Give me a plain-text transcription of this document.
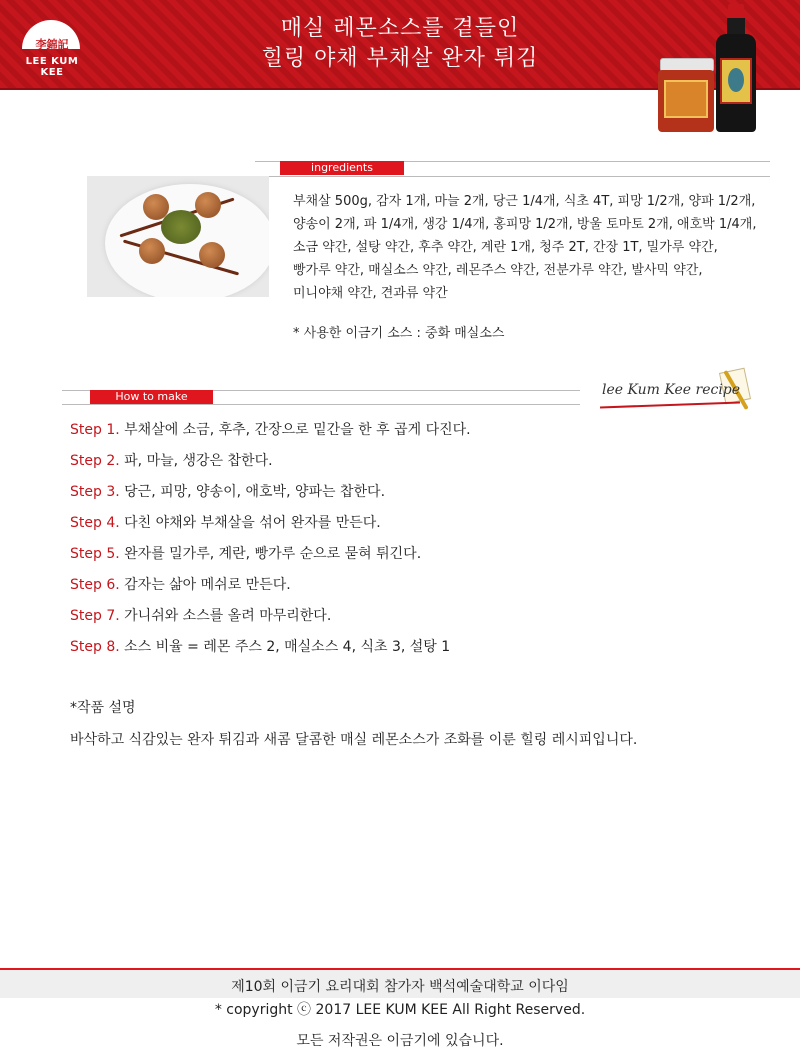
李錦記
LEE KUM KEE
매실 레몬소스를 곁들인
힐링 야채 부채살 완자 튀김
ingredients
부채살 500g, 감자 1개, 마늘 2개, 당근 1/4개, 식초 4T, 피망 1/2개, 양파 1/2개,
양송이 2개, 파 1/4개, 생강 1/4개, 홍피망 1/2개, 방울 토마토 2개, 애호박 1/4개,
소금 약간, 설탕 약간, 후추 약간, 계란 1개, 청주 2T, 간장 1T, 밀가루 약간,
빵가루 약간, 매실소스 약간, 레몬주스 약간, 전분가루 약간, 발사믹 약간,
미니야채 약간, 견과류 약간
* 사용한 이금기 소스 : 중화 매실소스
How to make	lee Kum Kee recipe
Step 1. 부채살에 소금, 후추, 간장으로 밑간을 한 후 곱게 다진다.
Step 2. 파, 마늘, 생강은 찹한다.
Step 3. 당근, 피망, 양송이, 애호박, 양파는 찹한다.
Step 4. 다친 야채와 부채살을 섞어 완자를 만든다.
Step 5. 완자를 밀가루, 계란, 빵가루 순으로 묻혀 튀긴다.
Step 6. 감자는 삶아 메쉬로 만든다.
Step 7. 가니쉬와 소스를 올려 마무리한다.
Step 8. 소스 비율 = 레몬 주스 2, 매실소스 4, 식초 3, 설탕 1
*작품 설명
바삭하고 식감있는 완자 튀김과 새콤 달콤한 매실 레몬소스가 조화를 이룬 힐링 레시피입니다.
제10회 이금기 요리대회 참가자 백석예술대학교 이다임
* copyright ⓒ 2017 LEE KUM KEE All Right Reserved.
모든 저작권은 이금기에 있습니다.
